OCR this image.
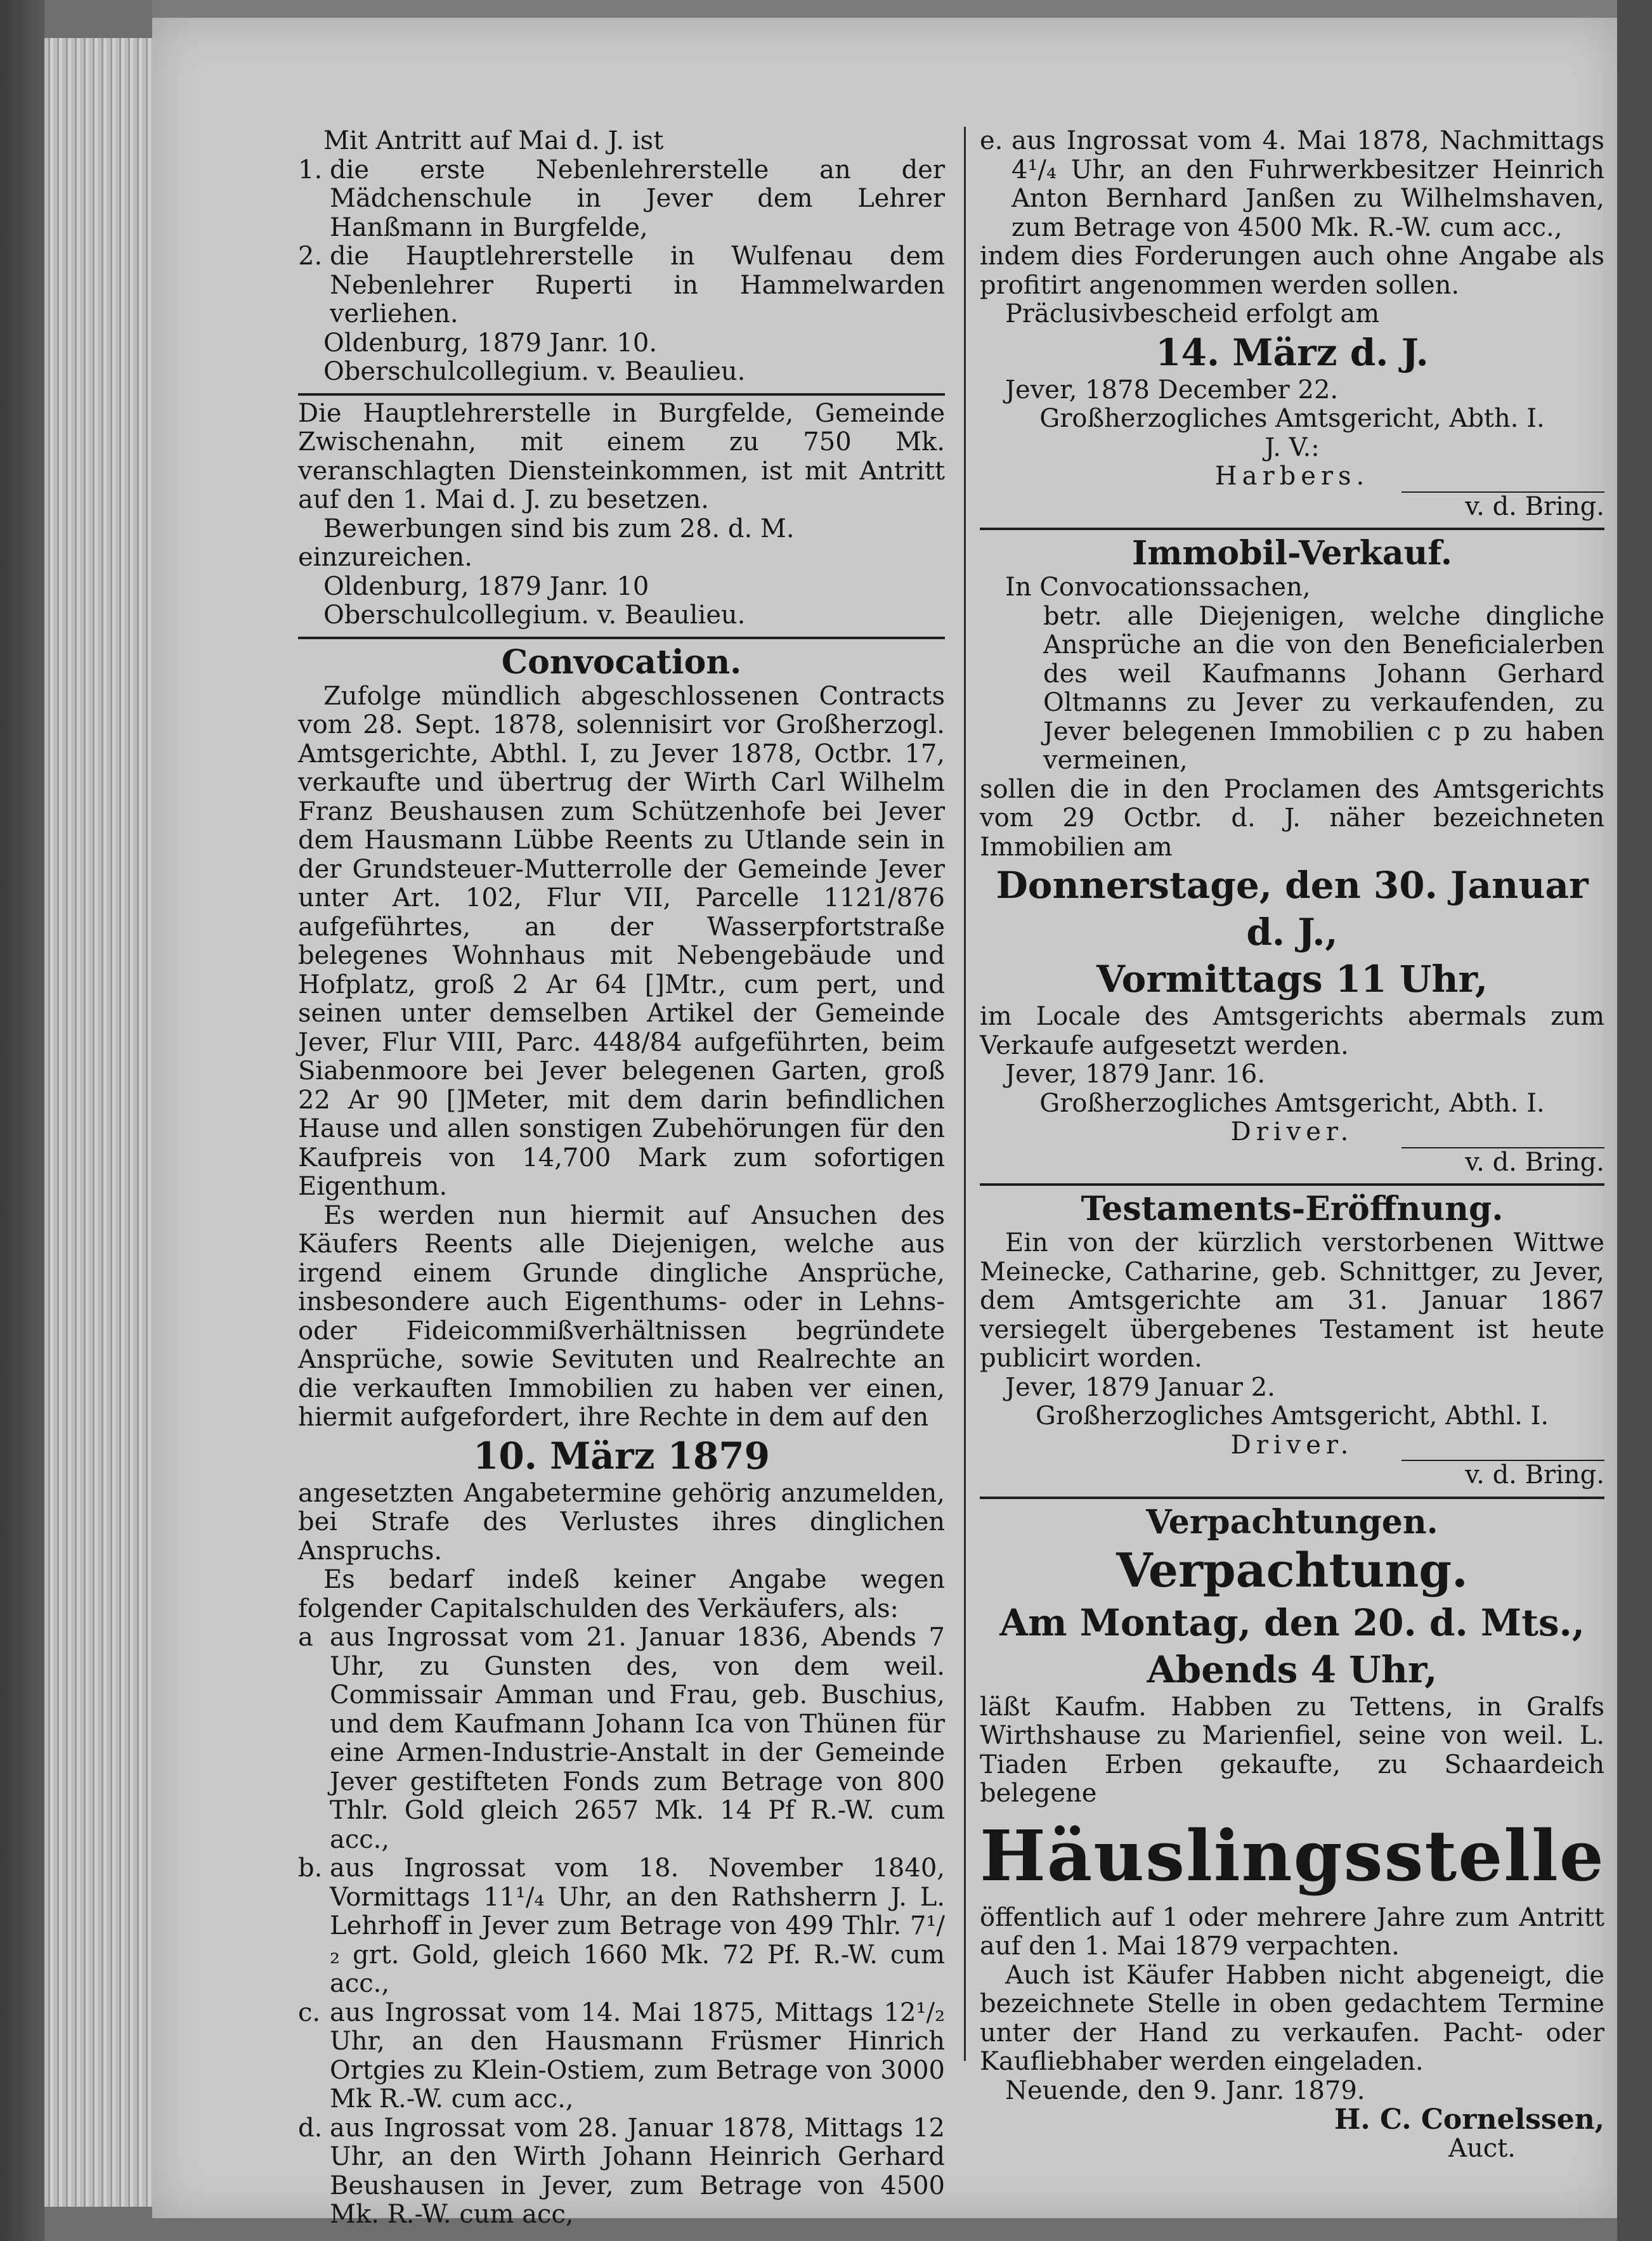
Mit Antritt auf Mai d. J. ist

1. die erste Nebenlehrerstelle an der Mädchenschule in Jever dem Lehrer Hanßmann in Burgfelde,
2. die Hauptlehrerstelle in Wulfenau dem Nebenlehrer Ruperti in Hammelwarden verliehen.

Oldenburg, 1879 Janr. 10.

Oberschulcollegium. v. Beaulieu.

Die Hauptlehrerstelle in Burgfelde, Gemeinde Zwischenahn, mit einem zu 750 Mk. veranschlagten Diensteinkommen, ist mit Antritt auf den 1. Mai d. J. zu besetzen.

Bewerbungen sind bis zum 28. d. M. einzureichen.

Oldenburg, 1879 Janr. 10

Oberschulcollegium. v. Beaulieu.

Convocation.

Zufolge mündlich abgeschlossenen Contracts vom 28. Sept. 1878, solennisirt vor Großherzogl. Amtsgerichte, Abthl. I, zu Jever 1878, Octbr. 17, verkaufte und übertrug der Wirth Carl Wilhelm Franz Beushausen zum Schützenhofe bei Jever dem Hausmann Lübbe Reents zu Utlande sein in der Grundsteuer-Mutterrolle der Gemeinde Jever unter Art. 102, Flur VII, Parcelle 1121/876 aufgeführtes, an der Wasserpfortstraße belegenes Wohnhaus mit Nebengebäude und Hofplatz, groß 2 Ar 64 []Mtr., cum pert, und seinen unter demselben Artikel der Gemeinde Jever, Flur VIII, Parc. 448/84 aufgeführten, beim Siabenmoore bei Jever belegenen Garten, groß 22 Ar 90 []Meter, mit dem darin befindlichen Hause und allen sonstigen Zubehörungen für den Kaufpreis von 14,700 Mark zum sofortigen Eigenthum.

Es werden nun hiermit auf Ansuchen des Käufers Reents alle Diejenigen, welche aus irgend einem Grunde dingliche Ansprüche, insbesondere auch Eigenthums- oder in Lehns- oder Fideicommißverhältnissen begründete Ansprüche, sowie Sevituten und Realrechte an die verkauften Immobilien zu haben ver einen, hiermit aufgefordert, ihre Rechte in dem auf den

10. März 1879

angesetzten Angabetermine gehörig anzumelden, bei Strafe des Verlustes ihres dinglichen Anspruchs.

Es bedarf indeß keiner Angabe wegen folgender Capitalschulden des Verkäufers, als:

a aus Ingrossat vom 21. Januar 1836, Abends 7 Uhr, zu Gunsten des, von dem weil. Commissair Amman und Frau, geb. Buschius, und dem Kaufmann Johann Ica von Thünen für eine Armen-Industrie-Anstalt in der Gemeinde Jever gestifteten Fonds zum Betrage von 800 Thlr. Gold gleich 2657 Mk. 14 Pf R.-W. cum acc.,
b. aus Ingrossat vom 18. November 1840, Vormittags 11¹/₄ Uhr, an den Rathsherrn J. L. Lehrhoff in Jever zum Betrage von 499 Thlr. 7¹/₂ grt. Gold, gleich 1660 Mk. 72 Pf. R.-W. cum acc.,
c. aus Ingrossat vom 14. Mai 1875, Mittags 12¹/₂ Uhr, an den Hausmann Früsmer Hinrich Ortgies zu Klein-Ostiem, zum Betrage von 3000 Mk R.-W. cum acc.,
d. aus Ingrossat vom 28. Januar 1878, Mittags 12 Uhr, an den Wirth Johann Heinrich Gerhard Beushausen in Jever, zum Betrage von 4500 Mk. R.-W. cum acc,
e. aus Ingrossat vom 4. Mai 1878, Nachmittags 4¹/₄ Uhr, an den Fuhrwerkbesitzer Heinrich Anton Bernhard Janßen zu Wilhelmshaven, zum Betrage von 4500 Mk. R.-W. cum acc.,

indem dies Forderungen auch ohne Angabe als profitirt angenommen werden sollen.

Präclusivbescheid erfolgt am

14. März d. J.

Jever, 1878 December 22.

Großherzogliches Amtsgericht, Abth. I.

J. V.:

Harbers.

v. d. Bring.

Immobil-Verkauf.

In Convocationssachen,

betr. alle Diejenigen, welche dingliche Ansprüche an die von den Beneficialerben des weil Kaufmanns Johann Gerhard Oltmanns zu Jever zu verkaufenden, zu Jever belegenen Immobilien c p zu haben vermeinen,

sollen die in den Proclamen des Amtsgerichts vom 29 Octbr. d. J. näher bezeichneten Immobilien am

Donnerstage, den 30. Januar d. J.,
Vormittags 11 Uhr,

im Locale des Amtsgerichts abermals zum Verkaufe aufgesetzt werden.

Jever, 1879 Janr. 16.

Großherzogliches Amtsgericht, Abth. I.

Driver.

v. d. Bring.

Testaments-Eröffnung.

Ein von der kürzlich verstorbenen Wittwe Meinecke, Catharine, geb. Schnittger, zu Jever, dem Amtsgerichte am 31. Januar 1867 versiegelt übergebenes Testament ist heute publicirt worden.

Jever, 1879 Januar 2.

Großherzogliches Amtsgericht, Abthl. I.

Driver.

v. d. Bring.

Verpachtungen.
Verpachtung.
Am Montag, den 20. d. Mts.,
Abends 4 Uhr,

läßt Kaufm. Habben zu Tettens, in Gralfs Wirthshause zu Marienfiel, seine von weil. L. Tiaden Erben gekaufte, zu Schaardeich belegene

Häuslingsstelle

öffentlich auf 1 oder mehrere Jahre zum Antritt auf den 1. Mai 1879 verpachten.

Auch ist Käufer Habben nicht abgeneigt, die bezeichnete Stelle in oben gedachtem Termine unter der Hand zu verkaufen. Pacht- oder Kaufliebhaber werden eingeladen.

Neuende, den 9. Janr. 1879.

H. C. Cornelssen,

Auct.
